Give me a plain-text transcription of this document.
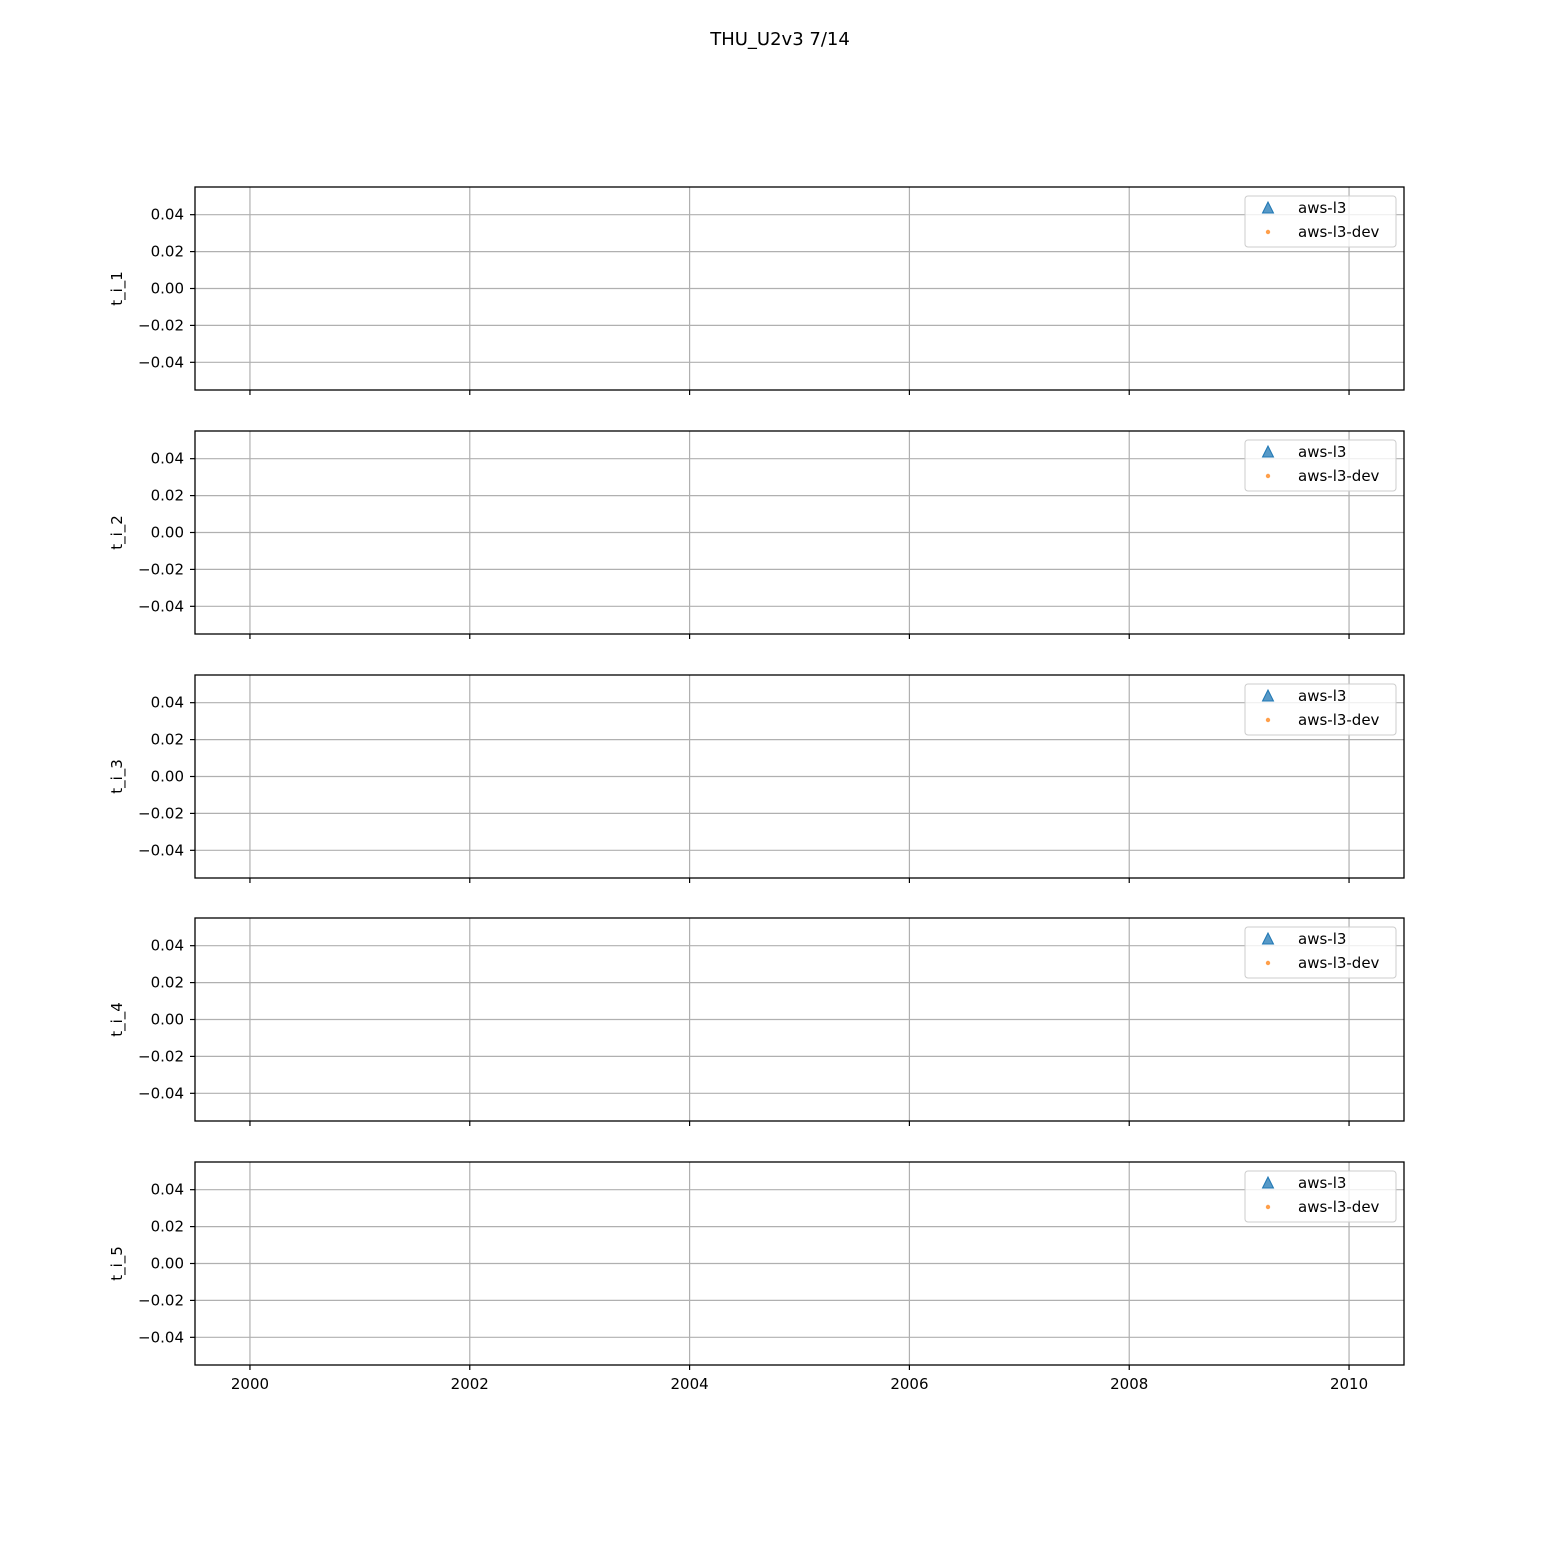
THU_U2v3 7/14
0.04
0.02
0.00
−0.02
−0.04
t_i_1
aws-l3
aws-l3-dev
0.04
0.02
0.00
−0.02
−0.04
t_i_2
aws-l3
aws-l3-dev
0.04
0.02
0.00
−0.02
−0.04
t_i_3
aws-l3
aws-l3-dev
0.04
0.02
0.00
−0.02
−0.04
t_i_4
aws-l3
aws-l3-dev
2000	2002	2004	2006	2008	2010
0.04
0.02
0.00
−0.02
−0.04
t_i_5
aws-l3
aws-l3-dev
